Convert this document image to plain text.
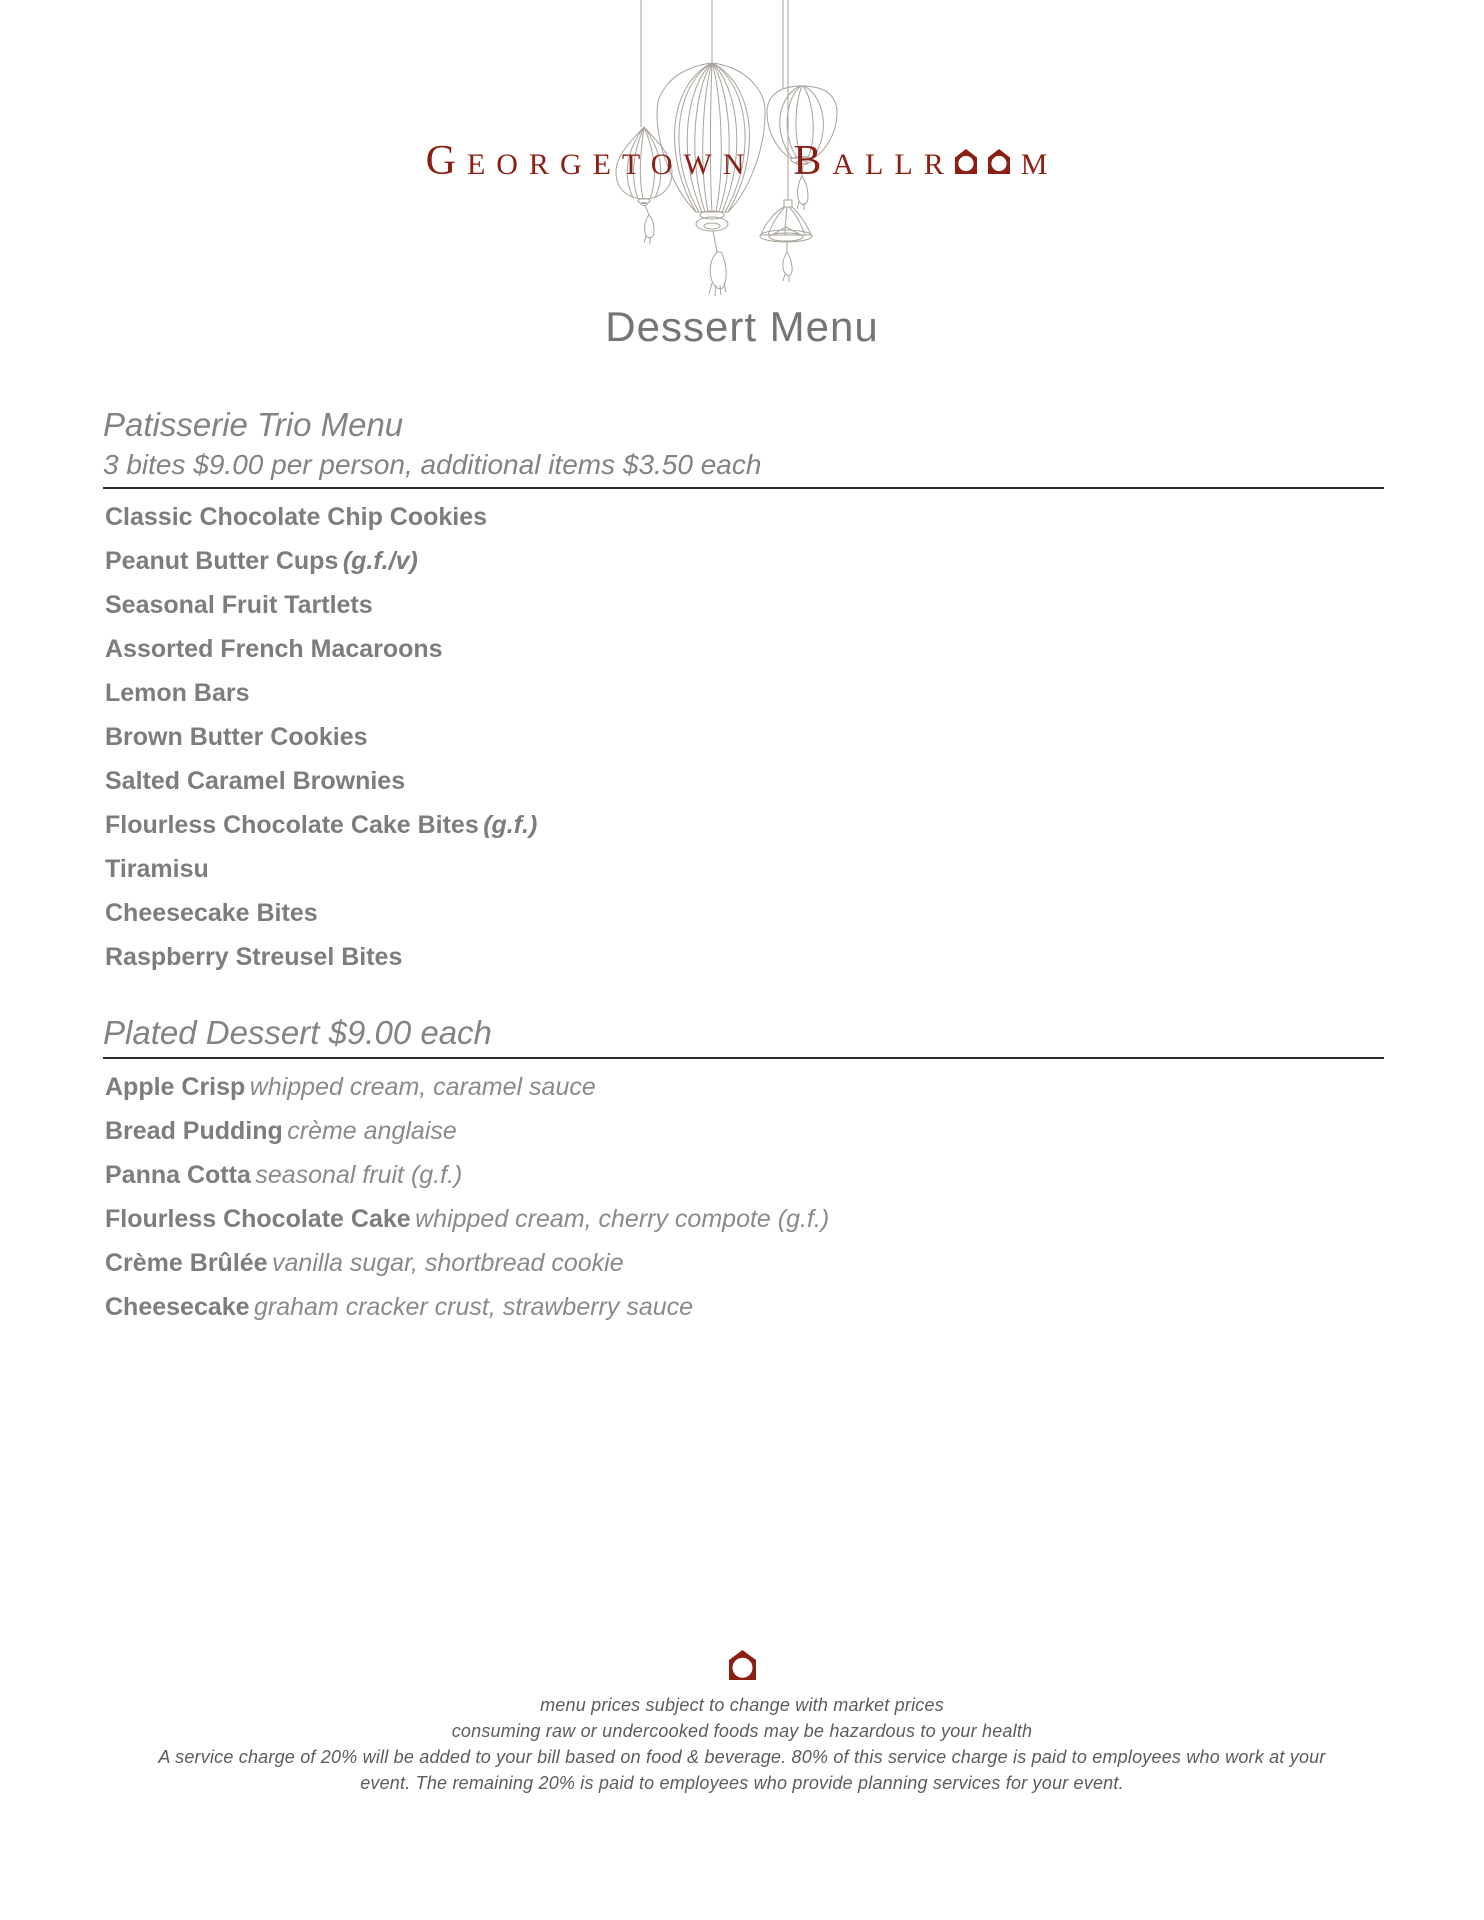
G EORGETOWN B ALLR M
Dessert Menu
Patisserie Trio Menu
3 bites $9.00 per person, additional items $3.50 each
Classic Chocolate Chip Cookies
Peanut Butter Cups (g.f./v)
Seasonal Fruit Tartlets
Assorted French Macaroons
Lemon Bars
Brown Butter Cookies
Salted Caramel Brownies
Flourless Chocolate Cake Bites (g.f.)
Tiramisu
Cheesecake Bites
Raspberry Streusel Bites
Plated Dessert $9.00 each
Apple Crisp whipped cream, caramel sauce
Bread Pudding crème anglaise
Panna Cotta seasonal fruit (g.f.)
Flourless Chocolate Cake whipped cream, cherry compote (g.f.)
Crème Brûlée vanilla sugar, shortbread cookie
Cheesecake graham cracker crust, strawberry sauce
menu prices subject to change with market prices
consuming raw or undercooked foods may be hazardous to your health
A service charge of 20% will be added to your bill based on food & beverage. 80% of this service charge is paid to employees who work at your
event. The remaining 20% is paid to employees who provide planning services for your event.
